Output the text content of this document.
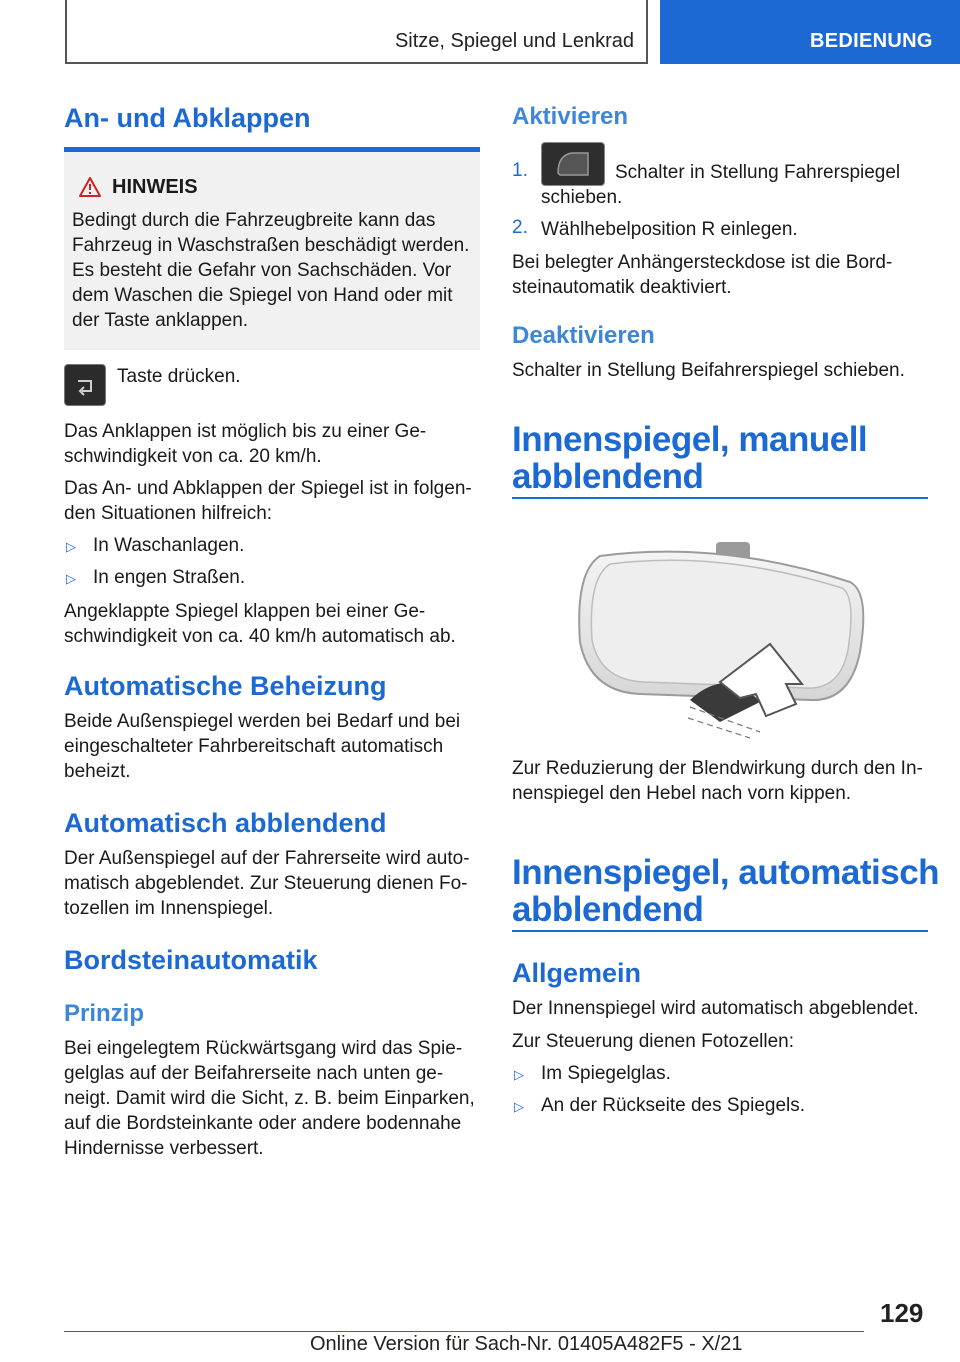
Sitze, Spiegel und Lenkrad	BEDIENUNG
An- und Abklappen
HINWEIS

Bedingt durch die Fahrzeugbreite kann das

Fahrzeug in Waschstraßen beschädigt werden.

Es besteht die Gefahr von Sachschäden. Vor

dem Waschen die Spiegel von Hand oder mit

der Taste anklappen.

Taste drücken.

Das Anklappen ist möglich bis zu einer Ge-

schwindigkeit von ca. 20 km/h.

Das An- und Abklappen der Spiegel ist in folgen-

den Situationen hilfreich:

▷ In Waschanlagen.
▷ In engen Straßen.

Angeklappte Spiegel klappen bei einer Ge-

schwindigkeit von ca. 40 km/h automatisch ab.

Automatische Beheizung

Beide Außenspiegel werden bei Bedarf und bei

eingeschalteter Fahrbereitschaft automatisch

beheizt.

Automatisch abblendend

Der Außenspiegel auf der Fahrerseite wird auto-

matisch abgeblendet. Zur Steuerung dienen Fo-

tozellen im Innenspiegel.

Bordsteinautomatik
Prinzip

Bei eingelegtem Rückwärtsgang wird das Spie-

gelglas auf der Beifahrerseite nach unten ge-

neigt. Damit wird die Sicht, z. B. beim Einparken,

auf die Bordsteinkante oder andere bodennahe

Hindernisse verbessert.

Aktivieren
1.	Schalter in Stellung Fahrerspiegel
schieben.
2. Wählhebelposition R einlegen.

Bei belegter Anhängersteckdose ist die Bord-

steinautomatik deaktiviert.

Deaktivieren
Schalter in Stellung Beifahrerspiegel schieben.
Innenspiegel, manuell
abblendend

Zur Reduzierung der Blendwirkung durch den In-

nenspiegel den Hebel nach vorn kippen.

Innenspiegel, automatisch
abblendend
Allgemein
Der Innenspiegel wird automatisch abgeblendet.
Zur Steuerung dienen Fotozellen:
▷ Im Spiegelglas.
▷ An der Rückseite des Spiegels.
129
Online Version für Sach-Nr. 01405A482F5 - X/21
